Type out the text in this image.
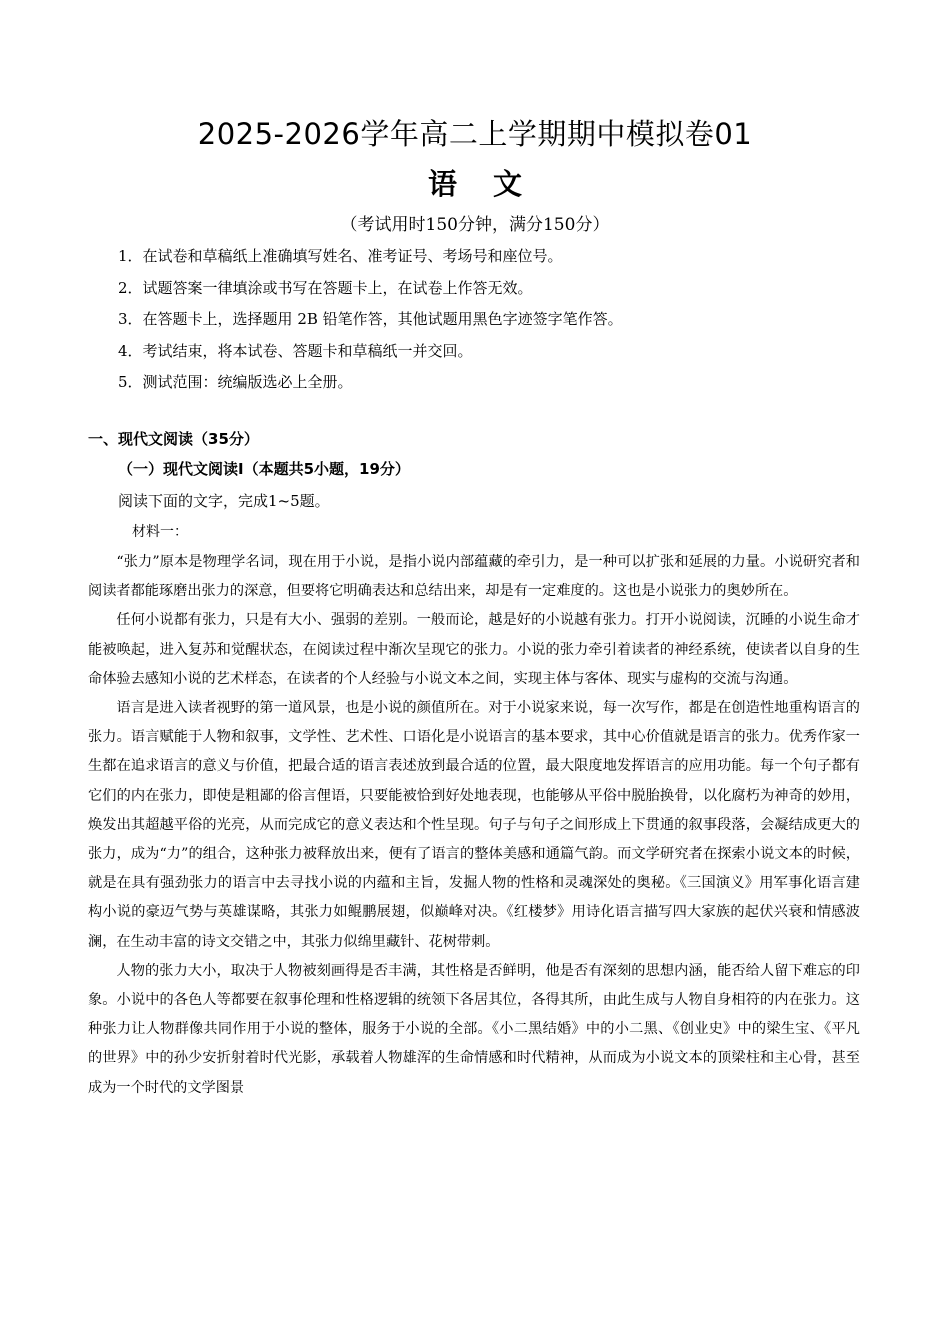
2025-2026学年高二上学期期中模拟卷01
语 文
（考试用时150分钟，满分150分）
1．在试卷和草稿纸上准确填写姓名、准考证号、考场号和座位号。
2．试题答案一律填涂或书写在答题卡上，在试卷上作答无效。
3．在答题卡上，选择题用 2B 铅笔作答，其他试题用黑色字迹签字笔作答。
4．考试结束，将本试卷、答题卡和草稿纸一并交回。
5．测试范围：统编版选必上全册。
一、现代文阅读（35分）
（一）现代文阅读Ⅰ（本题共5小题，19分）
阅读下面的文字，完成1~5题。
材料一：

“张力”原本是物理学名词，现在用于小说，是指小说内部蕴藏的牵引力，是一种可以扩张和延展的力量。小说研究者和阅读者都能琢磨出张力的深意，但要将它明确表达和总结出来，却是有一定难度的。这也是小说张力的奥妙所在。

任何小说都有张力，只是有大小、强弱的差别。一般而论，越是好的小说越有张力。打开小说阅读，沉睡的小说生命才能被唤起，进入复苏和觉醒状态，在阅读过程中渐次呈现它的张力。小说的张力牵引着读者的神经系统，使读者以自身的生命体验去感知小说的艺术样态，在读者的个人经验与小说文本之间，实现主体与客体、现实与虚构的交流与沟通。

语言是进入读者视野的第一道风景，也是小说的颜值所在。对于小说家来说，每一次写作，都是在创造性地重构语言的张力。语言赋能于人物和叙事，文学性、艺术性、口语化是小说语言的基本要求，其中心价值就是语言的张力。优秀作家一生都在追求语言的意义与价值，把最合适的语言表述放到最合适的位置，最大限度地发挥语言的应用功能。每一个句子都有它们的内在张力，即使是粗鄙的俗言俚语，只要能被恰到好处地表现，也能够从平俗中脱胎换骨，以化腐朽为神奇的妙用，焕发出其超越平俗的光亮，从而完成它的意义表达和个性呈现。句子与句子之间形成上下贯通的叙事段落，会凝结成更大的张力，成为“力”的组合，这种张力被释放出来，便有了语言的整体美感和通篇气韵。而文学研究者在探索小说文本的时候，就是在具有强劲张力的语言中去寻找小说的内蕴和主旨，发掘人物的性格和灵魂深处的奥秘。《三国演义》用军事化语言建构小说的豪迈气势与英雄谋略，其张力如鲲鹏展翅，似巅峰对决。《红楼梦》用诗化语言描写四大家族的起伏兴衰和情感波澜，在生动丰富的诗文交错之中，其张力似绵里藏针、花树带刺。

人物的张力大小，取决于人物被刻画得是否丰满，其性格是否鲜明，他是否有深刻的思想内涵，能否给人留下难忘的印象。小说中的各色人等都要在叙事伦理和性格逻辑的统领下各居其位，各得其所，由此生成与人物自身相符的内在张力。这种张力让人物群像共同作用于小说的整体，服务于小说的全部。《小二黑结婚》中的小二黑、《创业史》中的梁生宝、《平凡的世界》中的孙少安折射着时代光影，承载着人物雄浑的生命情感和时代精神，从而成为小说文本的顶梁柱和主心骨，甚至成为一个时代的文学图景
